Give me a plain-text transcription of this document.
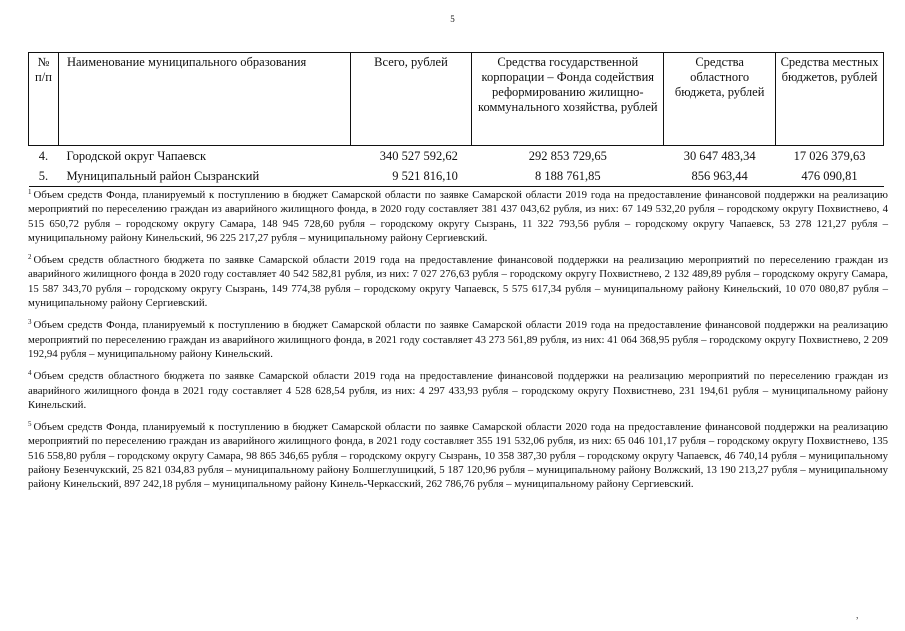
5
№ п/п	Наименование муниципального образования	Всего, рублей	Средства государственной корпорации – Фонда содействия реформированию жилищно-коммунального хозяйства, рублей	Средства областного бюджета, рублей	Средства местных бюджетов, рублей
4.	Городской округ Чапаевск	340 527 592,62	292 853 729,65	30 647 483,34	17 026 379,63
5.	Муниципальный район Сызранский	9 521 816,10	8 188 761,85	856 963,44	476 090,81

$^1$ Объем средств Фонда, планируемый к поступлению в бюджет Самарской области по заявке Самарской области 2019 года на предоставление финансовой поддержки на реализацию мероприятий по переселению граждан из аварийного жилищного фонда, в 2020 году составляет 381 437 043,62 рубля, из них: 67 149 532,20 рубля – городскому округу Похвистнево, 4 515 650,72 рубля – городскому округу Самара, 148 945 728,60 рубля – городскому округу Сызрань, 11 322 793,56 рубля – городскому округу Чапаевск, 53 278 121,27 рубля – муниципальному району Кинельский, 96 225 217,27 рубля – муниципальному району Сергиевский.

$^2$ Объем средств областного бюджета по заявке Самарской области 2019 года на предоставление финансовой поддержки на реализацию мероприятий по переселению граждан из аварийного жилищного фонда в 2020 году составляет 40 542 582,81 рубля, из них: 7 027 276,63 рубля – городскому округу Похвистнево, 2 132 489,89 рубля – городскому округу Самара, 15 587 343,70 рубля – городскому округу Сызрань, 149 774,38 рубля – городскому округу Чапаевск, 5 575 617,34 рубля – муниципальному району Кинельский, 10 070 080,87 рубля – муниципальному району Сергиевский.

$^3$ Объем средств Фонда, планируемый к поступлению в бюджет Самарской области по заявке Самарской области 2019 года на предоставление финансовой поддержки на реализацию мероприятий по переселению граждан из аварийного жилищного фонда, в 2021 году составляет 43 273 561,89 рубля, из них: 41 064 368,95 рубля – городскому округу Похвистнево, 2 209 192,94 рубля – муниципальному району Кинельский.

$^4$ Объем средств областного бюджета по заявке Самарской области 2019 года на предоставление финансовой поддержки на реализацию мероприятий по переселению граждан из аварийного жилищного фонда в 2021 году составляет 4 528 628,54 рубля, из них: 4 297 433,93 рубля – городскому округу Похвистнево, 231 194,61 рубля – муниципальному району Кинельский.

$^5$ Объем средств Фонда, планируемый к поступлению в бюджет Самарской области по заявке Самарской области 2020 года на предоставление финансовой поддержки на реализацию мероприятий по переселению граждан из аварийного жилищного фонда, в 2021 году составляет 355 191 532,06 рубля, из них: 65 046 101,17 рубля – городскому округу Похвистнево, 135 516 558,80 рубля – городскому округу Самара, 98 865 346,65 рубля – городскому округу Сызрань, 10 358 387,30 рубля – городскому округу Чапаевск, 46 740,14 рубля – муниципальному району Безенчукский, 25 821 034,83 рубля – муниципальному району Болшеглушицкий, 5 187 120,96 рубля – муниципальному району Волжский, 13 190 213,27 рубля – муниципальному району Кинельский, 897 242,18 рубля – муниципальному району Кинель-Черкасский, 262 786,76 рубля – муниципальному району Сергиевский.

,
